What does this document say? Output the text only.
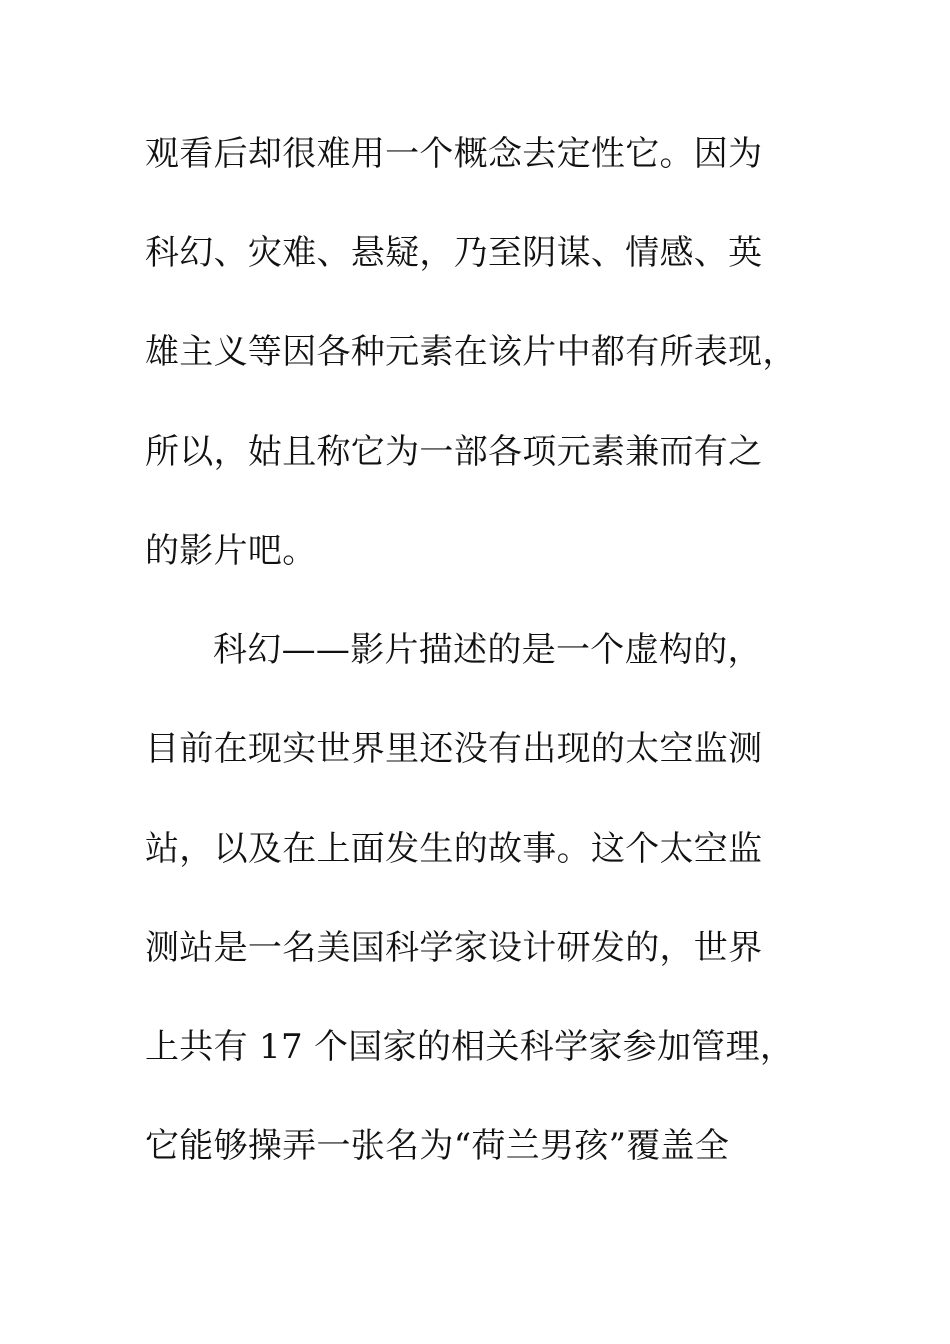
观看后却很难用一个概念去定性它。因为
科幻、灾难、悬疑，乃至阴谋、情感、英
雄主义等因各种元素在该片中都有所表现，
所以，姑且称它为一部各项元素兼而有之
的影片吧。
科幻——影片描述的是一个虚构的，
目前在现实世界里还没有出现的太空监测
站，以及在上面发生的故事。这个太空监
测站是一名美国科学家设计研发的，世界
上共有 17 个国家的相关科学家参加管理，
它能够操弄一张名为“荷兰男孩”覆盖全
